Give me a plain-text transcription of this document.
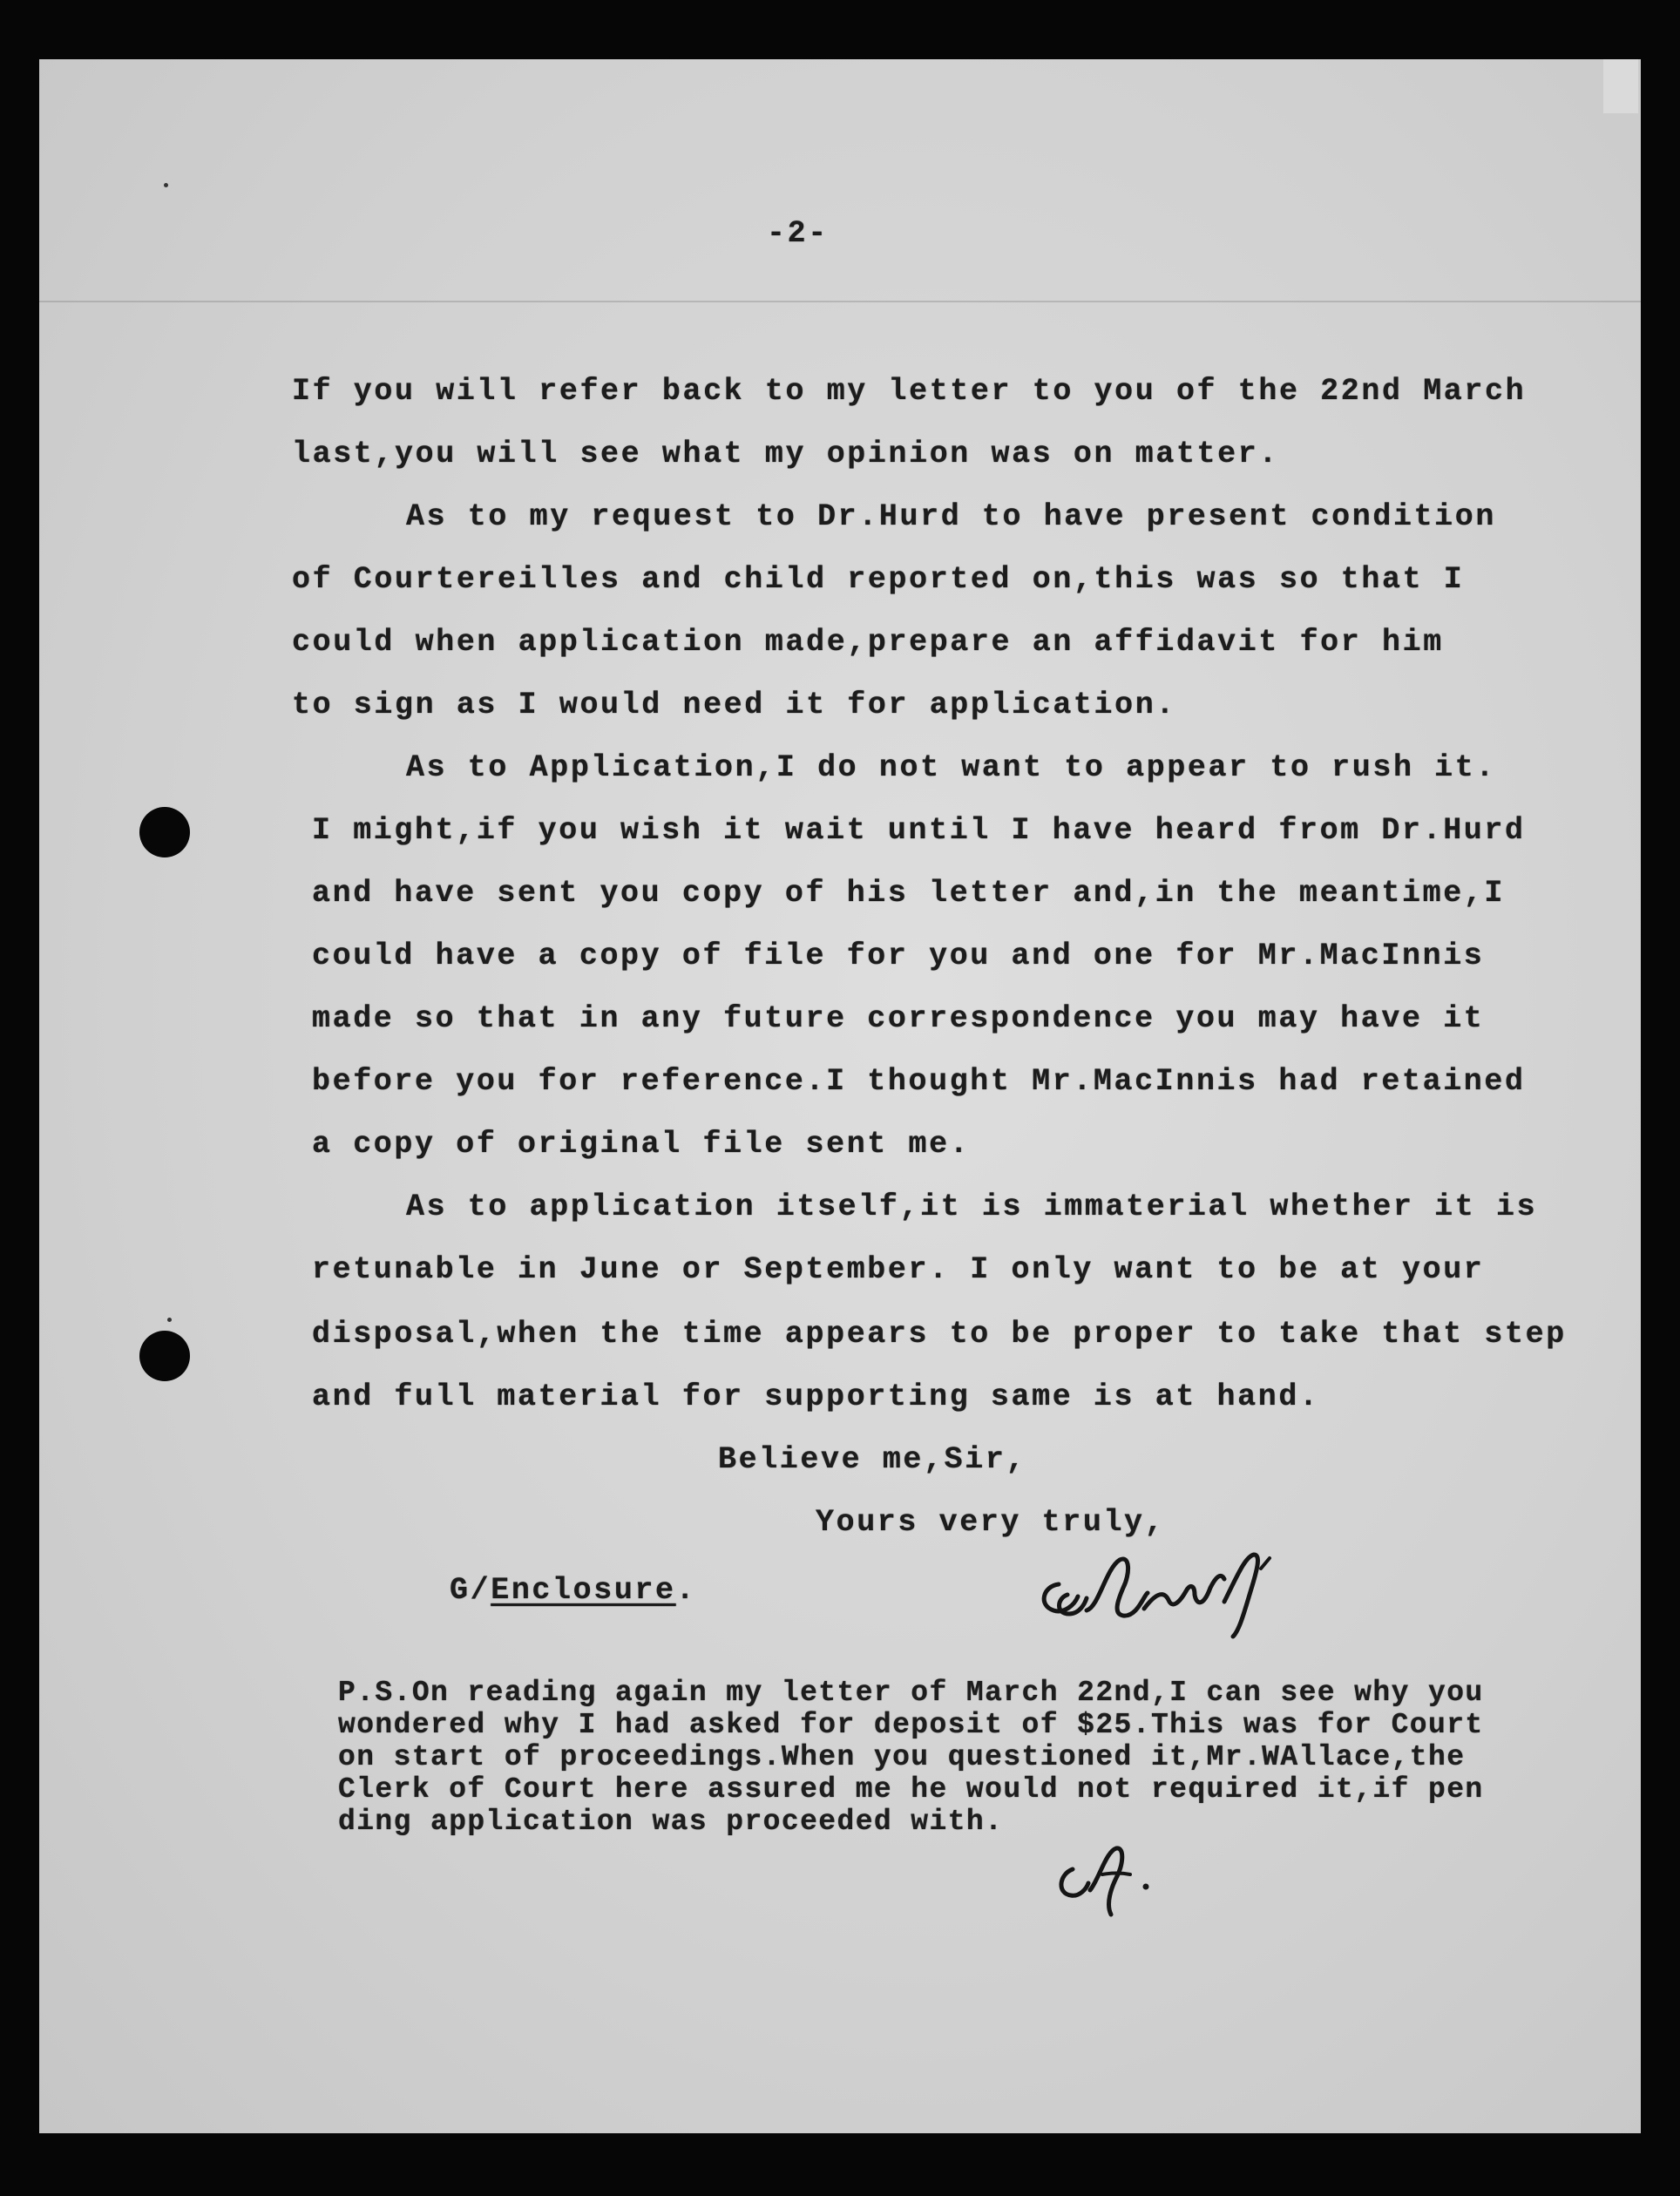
-2-
If you will refer back to my letter to you of the 22nd March
last,you will see what my opinion was on matter.
As to my request to Dr.Hurd to have present condition
of Courtereilles and child reported on,this was so that I
could when application made,prepare an affidavit for him
to sign as I would need it for application.
As to Application,I do not want to appear to rush it.
I might,if you wish it wait until I have heard from Dr.Hurd
and have sent you copy of his letter and,in the meantime,I
could have a copy of file for you and one for Mr.MacInnis
made so that in any future correspondence you may have it
before you for reference.I thought Mr.MacInnis had retained
a copy of original file sent me.
As to application itself,it is immaterial whether it is
retunable in June or September. I only want to be at your
disposal,when the time appears to be proper to take that step
and full material for supporting same is at hand.
Believe me,Sir,
Yours very truly,
G/Enclosure.
P.S.On reading again my letter of March 22nd,I can see why you
wondered why I had asked for deposit of $25.This was for Court
on start of proceedings.When you questioned it,Mr.WAllace,the
Clerk of Court here assured me he would not required it,if pen
ding application was proceeded with.
